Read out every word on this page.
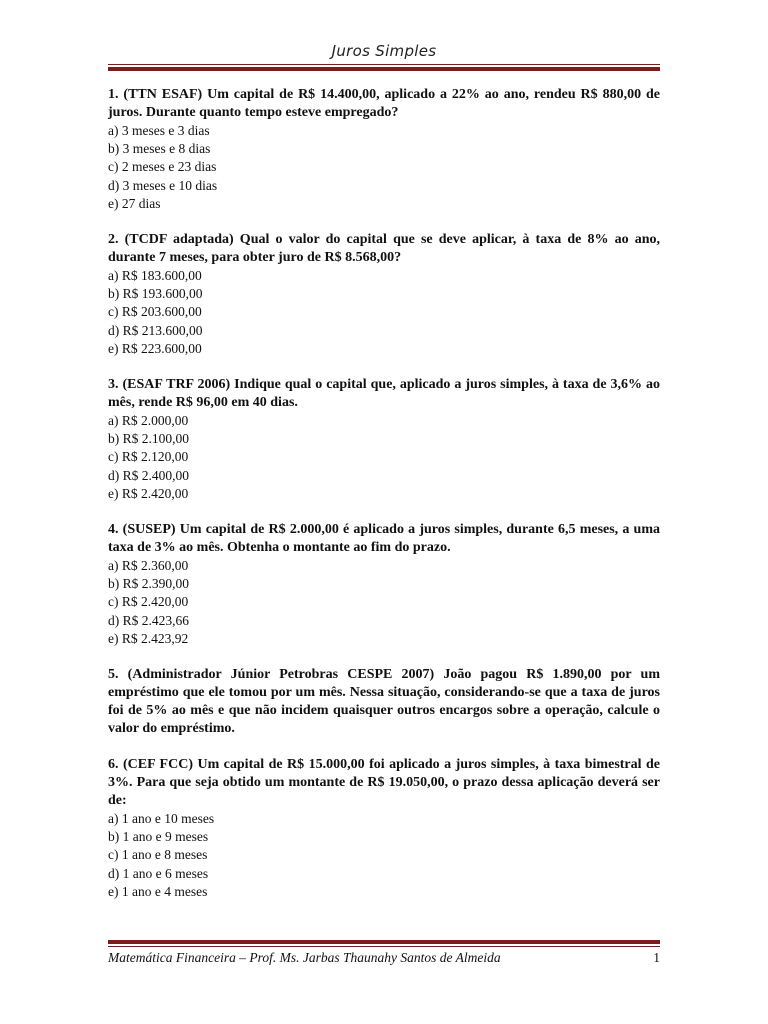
Juros Simples

1. (TTN ESAF) Um capital de R$ 14.400,00, aplicado a 22% ao ano, rendeu R$ 880,00 de juros. Durante quanto tempo esteve empregado?

a) 3 meses e 3 dias
b) 3 meses e 8 dias
c) 2 meses e 23 dias
d) 3 meses e 10 dias
e) 27 dias

2. (TCDF adaptada) Qual o valor do capital que se deve aplicar, à taxa de 8% ao ano, durante 7 meses, para obter juro de R$ 8.568,00?

a) R$ 183.600,00
b) R$ 193.600,00
c) R$ 203.600,00
d) R$ 213.600,00
e) R$ 223.600,00

3. (ESAF TRF 2006) Indique qual o capital que, aplicado a juros simples, à taxa de 3,6% ao mês, rende R$ 96,00 em 40 dias.

a) R$ 2.000,00
b) R$ 2.100,00
c) R$ 2.120,00
d) R$ 2.400,00
e) R$ 2.420,00

4. (SUSEP) Um capital de R$ 2.000,00 é aplicado a juros simples, durante 6,5 meses, a uma taxa de 3% ao mês. Obtenha o montante ao fim do prazo.

a) R$ 2.360,00
b) R$ 2.390,00
c) R$ 2.420,00
d) R$ 2.423,66
e) R$ 2.423,92

5. (Administrador Júnior Petrobras CESPE 2007) João pagou R$ 1.890,00 por um empréstimo que ele tomou por um mês. Nessa situação, considerando-se que a taxa de juros foi de 5% ao mês e que não incidem quaisquer outros encargos sobre a operação, calcule o valor do empréstimo.

6. (CEF FCC) Um capital de R$ 15.000,00 foi aplicado a juros simples, à taxa bimestral de 3%. Para que seja obtido um montante de R$ 19.050,00, o prazo dessa aplicação deverá ser de:

a) 1 ano e 10 meses
b) 1 ano e 9 meses
c) 1 ano e 8 meses
d) 1 ano e 6 meses
e) 1 ano e 4 meses
Matemática Financeira – Prof. Ms. Jarbas Thaunahy Santos de Almeida	1
